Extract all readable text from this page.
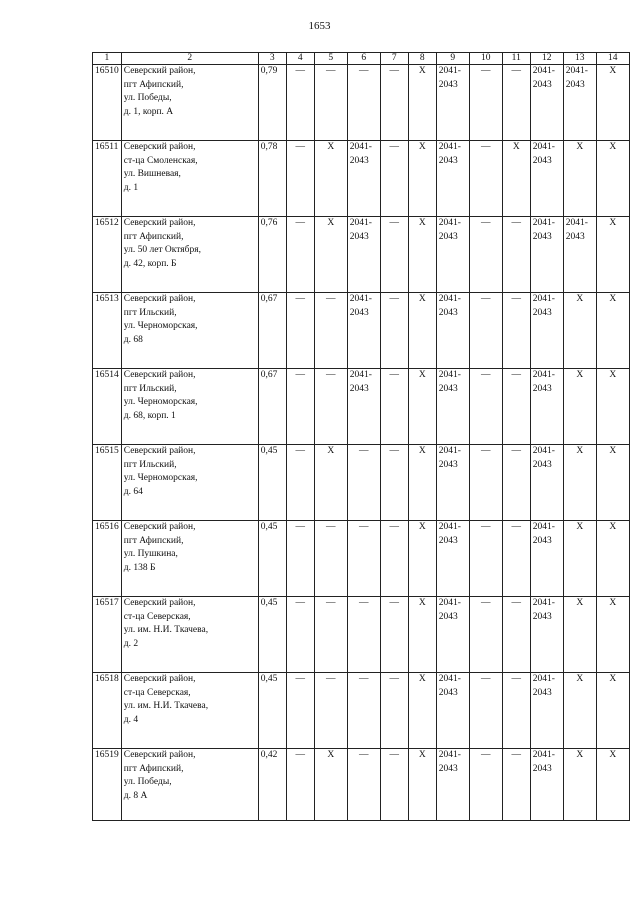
1653
1	2	3	4	5	6	7	8	9	10	11	12	13	14
16510	Северский район,
пгт Афипский,
ул. Победы,
д. 1, корп. А	0,79	—	—	—	—	X	2041-
2043	—	—	2041-
2043	2041-
2043	X
16511	Северский район,
ст-ца Смоленская,
ул. Вишневая,
д. 1	0,78	—	X	2041-
2043	—	X	2041-
2043	—	X	2041-
2043	X	X
16512	Северский район,
пгт Афипский,
ул. 50 лет Октября,
д. 42, корп. Б	0,76	—	X	2041-
2043	—	X	2041-
2043	—	—	2041-
2043	2041-
2043	X
16513	Северский район,
пгт Ильский,
ул. Черноморская,
д. 68	0,67	—	—	2041-
2043	—	X	2041-
2043	—	—	2041-
2043	X	X
16514	Северский район,
пгт Ильский,
ул. Черноморская,
д. 68, корп. 1	0,67	—	—	2041-
2043	—	X	2041-
2043	—	—	2041-
2043	X	X
16515	Северский район,
пгт Ильский,
ул. Черноморская,
д. 64	0,45	—	X	—	—	X	2041-
2043	—	—	2041-
2043	X	X
16516	Северский район,
пгт Афипский,
ул. Пушкина,
д. 138 Б	0,45	—	—	—	—	X	2041-
2043	—	—	2041-
2043	X	X
16517	Северский район,
ст-ца Северская,
ул. им. Н.И. Ткачева,
д. 2	0,45	—	—	—	—	X	2041-
2043	—	—	2041-
2043	X	X
16518	Северский район,
ст-ца Северская,
ул. им. Н.И. Ткачева,
д. 4	0,45	—	—	—	—	X	2041-
2043	—	—	2041-
2043	X	X
16519	Северский район,
пгт Афипский,
ул. Победы,
д. 8 А	0,42	—	X	—	—	X	2041-
2043	—	—	2041-
2043	X	X
